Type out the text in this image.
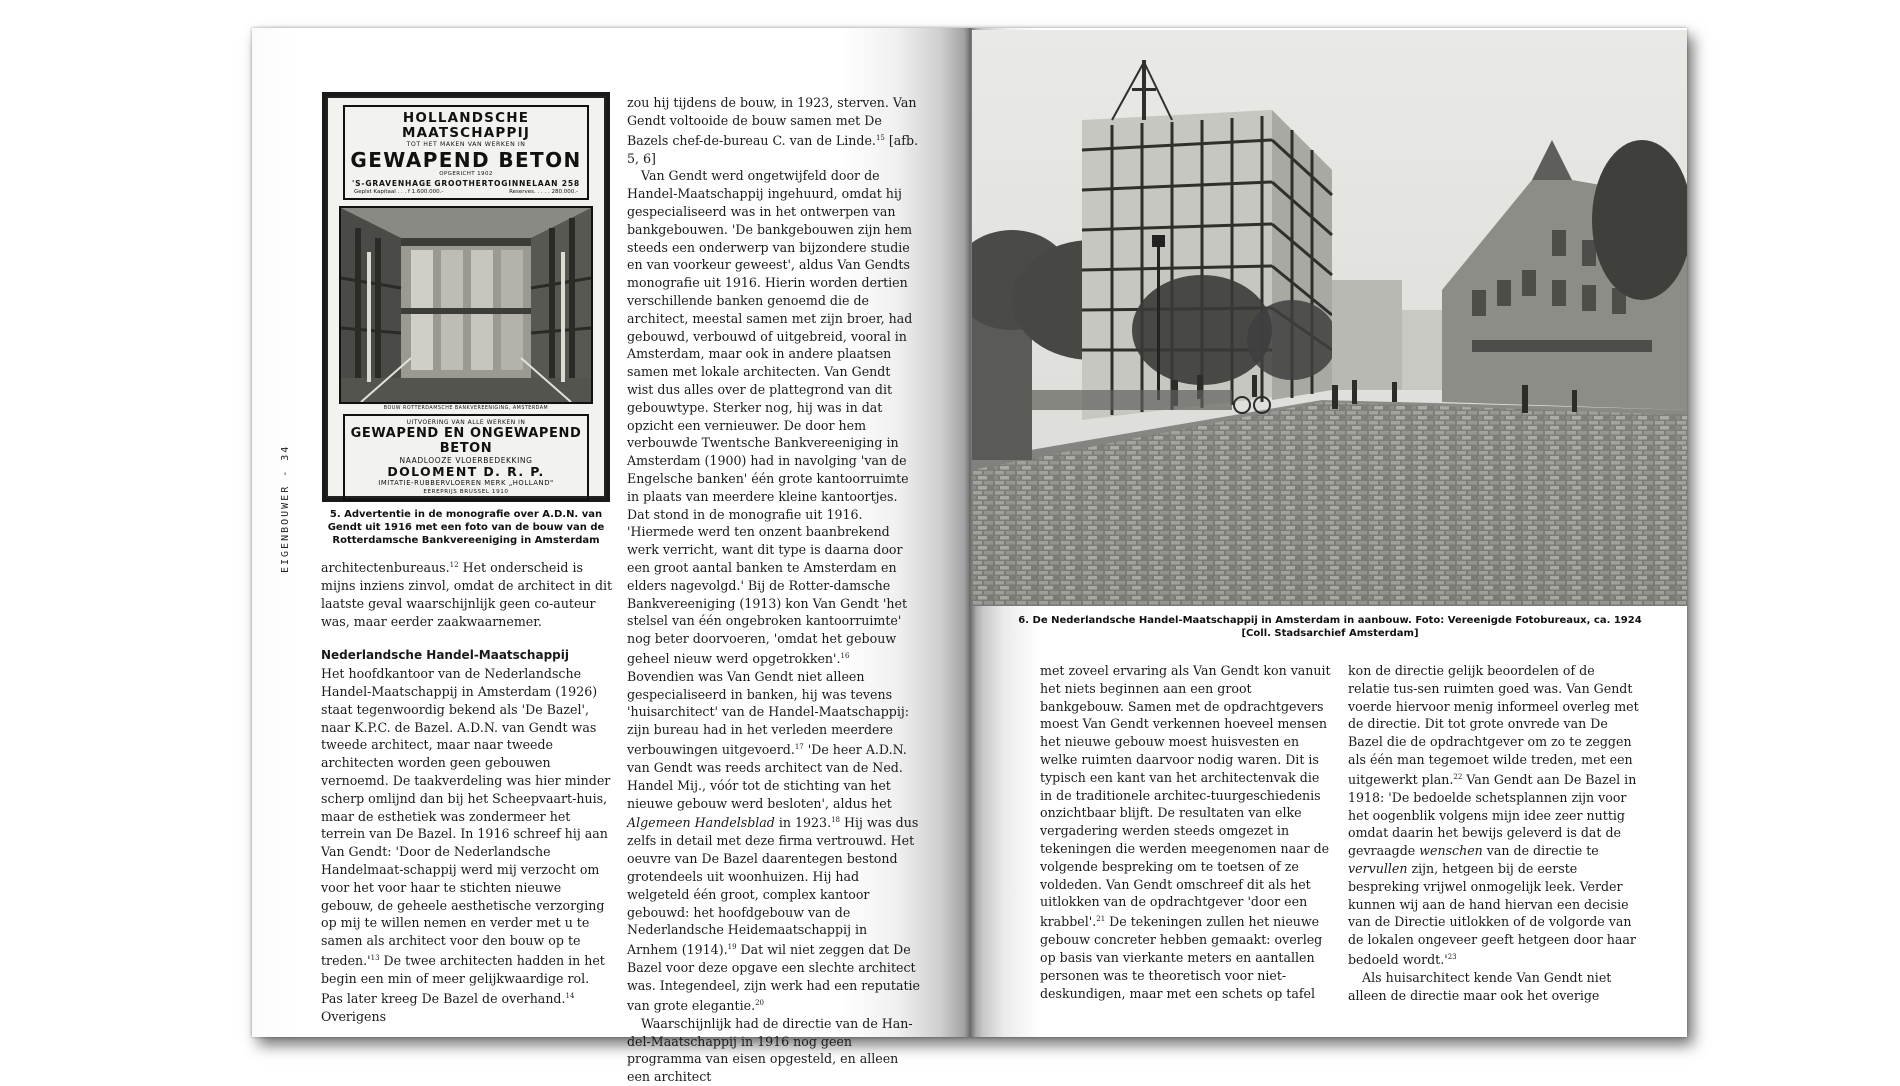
EIGENBOUWER - 34
HOLLANDSCHE MAATSCHAPPIJ
TOT HET MAKEN VAN WERKEN IN
GEWAPEND BETON
OPGERICHT 1902
'S-GRAVENHAGE GROOTHERTOGINNELAAN 258
Geplst Kapitaal . . . f 1.600.000.-	Reserves. . . . . 280.000.-
BOUW ROTTERDAMSCHE BANKVEREENIGING, AMSTERDAM
UITVOERING VAN ALLE WERKEN IN
GEWAPEND EN ONGEWAPEND BETON
NAADLOOZE VLOERBEDEKKING
DOLOMENT D. R. P.
IMITATIE-RUBBERVLOEREN MERK „HOLLAND"
EEREPRIJS BRUSSEL 1910
5. Advertentie in de monografie over A.D.N. van Gendt uit 1916 met een foto van de bouw van de Rotterdamsche Bankvereeniging in Amsterdam

architectenbureaus.$^{12}$ Het onderscheid is mijns inziens zinvol, omdat de architect in dit laatste geval waarschijnlijk geen co-auteur was, maar eerder zaakwaarnemer.

Nederlandsche Handel-Maatschappij

Het hoofdkantoor van de Nederlandsche Handel-Maatschappij in Amsterdam (1926) staat tegenwoordig bekend als 'De Bazel', naar K.P.C. de Bazel. A.D.N. van Gendt was tweede architect, maar naar tweede architecten worden geen gebouwen vernoemd. De taakverdeling was hier minder scherp omlijnd dan bij het Scheepvaart-huis, maar de esthetiek was zondermeer het terrein van De Bazel. In 1916 schreef hij aan Van Gendt: 'Door de Nederlandsche Handelmaat-schappij werd mij verzocht om voor het voor haar te stichten nieuwe gebouw, de geheele aesthetische verzorging op mij te willen nemen en verder met u te samen als architect voor den bouw op te $treden.'^{13}$ De twee architecten hadden in het begin een min of meer gelijkwaardige rol. Pas later kreeg De Bazel de overhand.$^{14}$ Overigens

zou hij tijdens de bouw, in 1923, sterven. Van Gendt voltooide de bouw samen met De Bazels chef-de-bureau C. van de Linde.$^{15}$ [afb. 5, 6]

Van Gendt werd ongetwijfeld door de Handel-Maatschappij ingehuurd, omdat hij gespecialiseerd was in het ontwerpen van bankgebouwen. 'De bankgebouwen zijn hem steeds een onderwerp van bijzondere studie en van voorkeur geweest', aldus Van Gendts monografie uit 1916. Hierin worden dertien verschillende banken genoemd die de architect, meestal samen met zijn broer, had gebouwd, verbouwd of uitgebreid, vooral in Amsterdam, maar ook in andere plaatsen samen met lokale architecten. Van Gendt wist dus alles over de plattegrond van dit gebouwtype. Sterker nog, hij was in dat opzicht een vernieuwer. De door hem verbouwde Twentsche Bankvereeniging in Amsterdam (1900) had in navolging 'van de Engelsche banken' één grote kantoorruimte in plaats van meerdere kleine kantoortjes. Dat stond in de monografie uit 1916. 'Hiermede werd ten onzent baanbrekend werk verricht, want dit type is daarna door een groot aantal banken te Amsterdam en elders nagevolgd.' Bij de Rotter-damsche Bankvereeniging (1913) kon Van Gendt 'het stelsel van één ongebroken kantoorruimte' nog beter doorvoeren, 'omdat het gebouw geheel nieuw werd opgetrokken'.$^{16}$ Bovendien was Van Gendt niet alleen gespecialiseerd in banken, hij was tevens 'huisarchitect' van de Handel-Maatschappij: zijn bureau had in het verleden meerdere verbouwingen uitgevoerd.$^{17}$ 'De heer A.D.N. van Gendt was reeds architect van de Ned. Handel Mij., vóór tot de stichting van het nieuwe gebouw werd besloten', aldus het Algemeen Handelsblad in 1923.18 Hij was dus zelfs in detail met deze firma vertrouwd. Het oeuvre van De Bazel daarentegen bestond grotendeels uit woonhuizen. Hij had welgeteld één groot, complex kantoor gebouwd: het hoofdgebouw van de Nederlandsche Heidemaatschappij in Arnhem (1914).$^{19}$ Dat wil niet zeggen dat De Bazel voor deze opgave een slechte architect was. Integendeel, zijn werk had een reputatie van grote elegantie.$^{20}$

Waarschijnlijk had de directie van de Han-del-Maatschappij in 1916 nog geen programma van eisen opgesteld, en alleen een architect

6. De Nederlandsche Handel-Maatschappij in Amsterdam in aanbouw. Foto: Vereenigde Fotobureaux, ca. 1924
[Coll. Stadsarchief Amsterdam]

met zoveel ervaring als Van Gendt kon vanuit het niets beginnen aan een groot bankgebouw. Samen met de opdrachtgevers moest Van Gendt verkennen hoeveel mensen het nieuwe gebouw moest huisvesten en welke ruimten daarvoor nodig waren. Dit is typisch een kant van het architectenvak die in de traditionele architec-tuurgeschiedenis onzichtbaar blijft. De resultaten van elke vergadering werden steeds omgezet in tekeningen die werden meegenomen naar de volgende bespreking om te toetsen of ze voldeden. Van Gendt omschreef dit als het uitlokken van de opdrachtgever 'door een krabbel'.$^{21}$ De tekeningen zullen het nieuwe gebouw concreter hebben gemaakt: overleg op basis van vierkante meters en aantallen personen was te theoretisch voor niet-deskundigen, maar met een schets op tafel

kon de directie gelijk beoordelen of de relatie tus-sen ruimten goed was. Van Gendt voerde hiervoor menig informeel overleg met de directie. Dit tot grote onvrede van De Bazel die de opdrachtgever om zo te zeggen als één man tegemoet wilde treden, met een uitgewerkt plan.$^{22}$ Van Gendt aan De Bazel in 1918: 'De bedoelde schetsplannen zijn voor het oogenblik volgens mijn idee zeer nuttig omdat daarin het bewijs geleverd is dat de gevraagde wenschen van de directie te vervullen zijn, hetgeen bij de eerste bespreking vrijwel onmogelijk leek. Verder kunnen wij aan de hand hiervan een decisie van de Directie uitlokken of de volgorde van de lokalen ongeveer geeft hetgeen door haar bedoeld $wordt.'^{23}$

Als huisarchitect kende Van Gendt niet alleen de directie maar ook het overige
